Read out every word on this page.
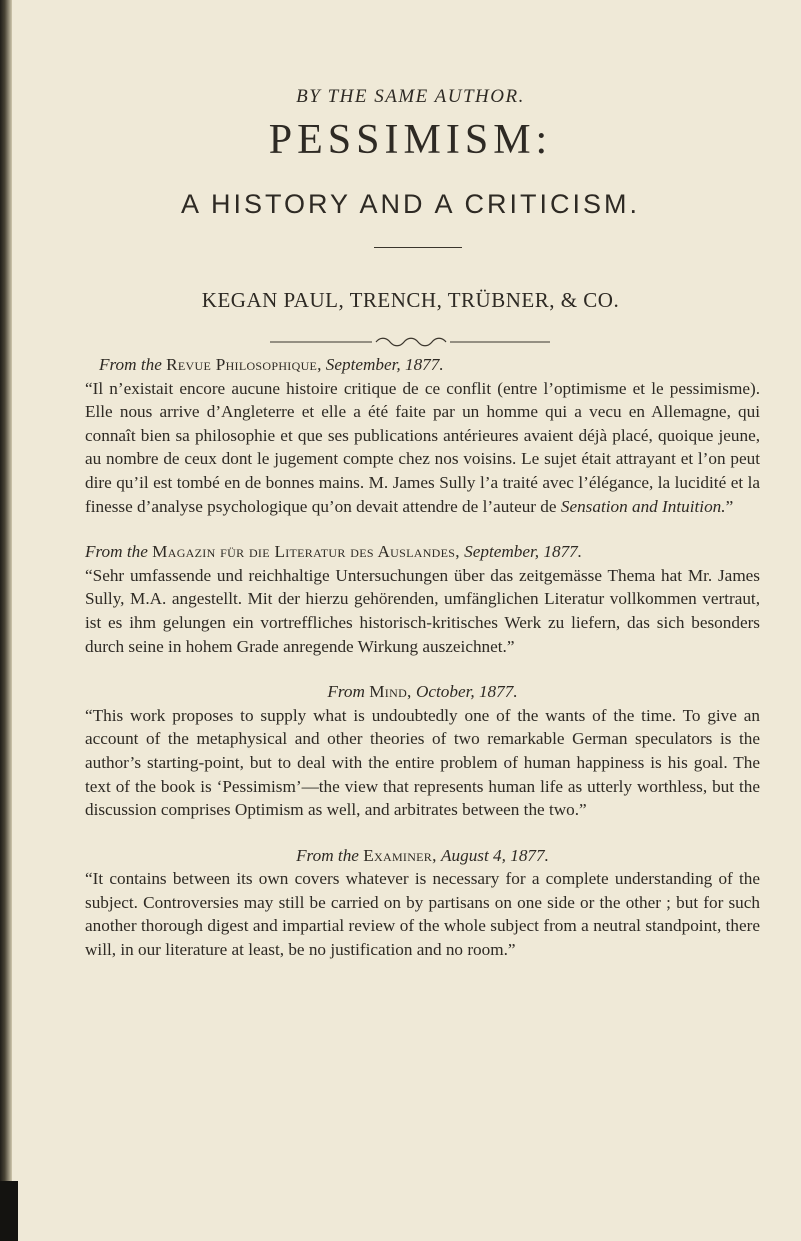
BY THE SAME AUTHOR.
PESSIMISM:
A HISTORY AND A CRITICISM.
KEGAN PAUL, TRENCH, TRÜBNER, & CO.
From the Revue Philosophique, September, 1877.
“Il n’existait encore aucune histoire critique de ce conflit (entre l’optimisme et le pessimisme). Elle nous arrive d’Angleterre et elle a été faite par un homme qui a vecu en Allemagne, qui connaît bien sa philosophie et que ses publications antérieures avaient déjà placé, quoique jeune, au nombre de ceux dont le jugement compte chez nos voisins. Le sujet était attrayant et l’on peut dire qu’il est tombé en de bonnes mains. M. James Sully l’a traité avec l’élégance, la lucidité et la finesse d’analyse psychologique qu’on devait attendre de l’auteur de Sensation and Intuition.”
From the Magazin für die Literatur des Auslandes, September, 1877.
“Sehr umfassende und reichhaltige Untersuchungen über das zeitgemässe Thema hat Mr. James Sully, M.A. angestellt. Mit der hierzu gehörenden, umfänglichen Literatur vollkommen vertraut, ist es ihm gelungen ein vortreffliches historisch-kritisches Werk zu liefern, das sich besonders durch seine in hohem Grade anregende Wirkung auszeichnet.”
From Mind, October, 1877.
“This work proposes to supply what is undoubtedly one of the wants of the time. To give an account of the metaphysical and other theories of two remarkable German speculators is the author’s starting-point, but to deal with the entire problem of human happiness is his goal. The text of the book is ‘Pessimism’—the view that represents human life as utterly worthless, but the discussion comprises Optimism as well, and arbitrates between the two.”
From the Examiner, August 4, 1877.
“It contains between its own covers whatever is necessary for a complete understanding of the subject. Controversies may still be carried on by partisans on one side or the other ; but for such another thorough digest and impartial review of the whole subject from a neutral standpoint, there will, in our literature at least, be no justification and no room.”
